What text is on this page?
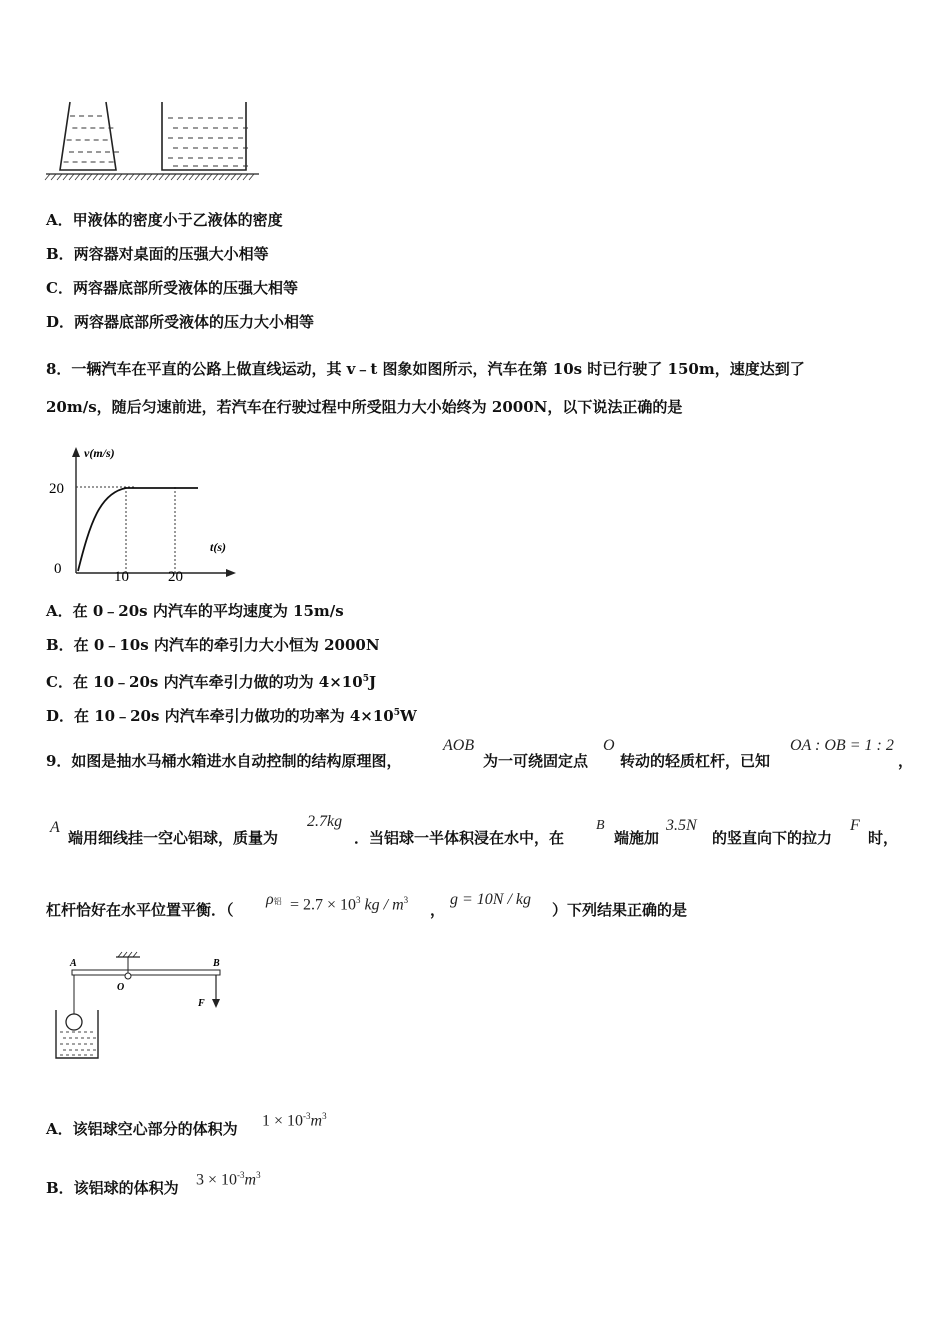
A．甲液体的密度小于乙液体的密度
B．两容器对桌面的压强大小相等
C．两容器底部所受液体的压强大相等
D．两容器底部所受液体的压力大小相等
8．一辆汽车在平直的公路上做直线运动，其 v﹣t 图象如图所示，汽车在第 10s 时已行驶了 150m，速度达到了
20m/s，随后匀速前进，若汽车在行驶过程中所受阻力大小始终为 2000N，以下说法正确的是
v(m/s)
t(s)
0
20
10	20
A．在 0﹣20s 内汽车的平均速度为 15m/s
B．在 0﹣10s 内汽车的牵引力大小恒为 2000N
C．在 10﹣20s 内汽车牵引力做的功为 $4\times 10^5J$
D．在 10﹣20s 内汽车牵引力做功的功率为 $4\times 10^5W$
9．如图是抽水马桶水箱进水自动控制的结构原理图，
AOB
为一可绕固定点
O
转动的轻质杠杆，已知
OA : OB = 1 : 2
，
A
端用细线挂一空心铝球，质量为
2.7kg
．当铝球一半体积浸在水中，在
B
端施加
3.5N
的竖直向下的拉力
F
时，
杠杆恰好在水平位置平衡．（
ρ铝 = $2.7 \times 10^3$ kg / $m^3$
，
g = 10N / kg
）下列结果正确的是
A	B
O
F
A．该铝球空心部分的体积为 $1 \times 10^{-3}m^3$
B．该铝球的体积为 $3 \times 10^{-3}m^3$
